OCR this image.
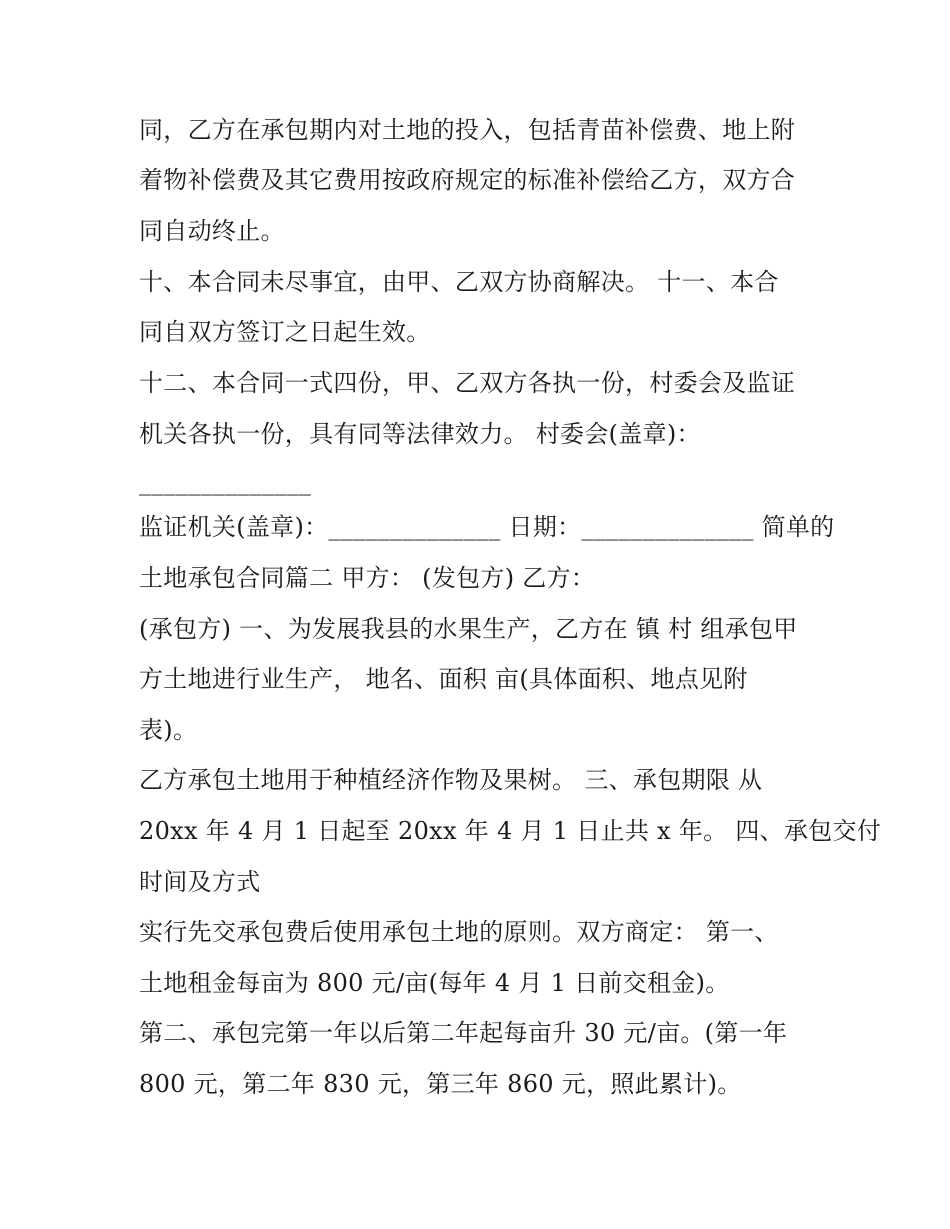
同，乙方在承包期内对土地的投入，包括青苗补偿费、地上附
着物补偿费及其它费用按政府规定的标准补偿给乙方，双方合
同自动终止。
十、本合同未尽事宜，由甲、乙双方协商解决。 十一、本合
同自双方签订之日起生效。
十二、本合同一式四份，甲、乙双方各执一份，村委会及监证
机关各执一份，具有同等法律效力。 村委会(盖章)：
______________
监证机关(盖章)：______________ 日期：______________ 简单的
土地承包合同篇二 甲方： (发包方) 乙方：
(承包方) 一、为发展我县的水果生产，乙方在 镇 村 组承包甲
方土地进行业生产， 地名、面积 亩(具体面积、地点见附
表)。
乙方承包土地用于种植经济作物及果树。 三、承包期限 从
20xx 年 4 月 1 日起至 20xx 年 4 月 1 日止共 x 年。 四、承包交付
时间及方式
实行先交承包费后使用承包土地的原则。双方商定： 第一、
土地租金每亩为 800 元/亩(每年 4 月 1 日前交租金)。
第二、承包完第一年以后第二年起每亩升 30 元/亩。(第一年
800 元，第二年 830 元，第三年 860 元，照此累计)。
